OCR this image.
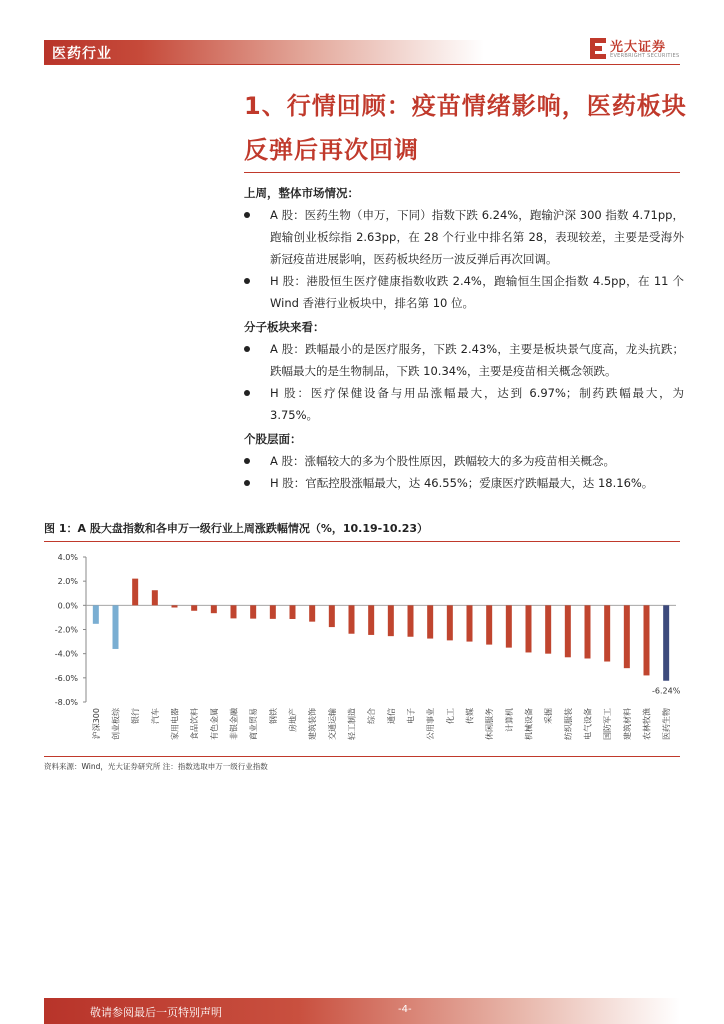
医药行业	光大证券
EVERBRIGHT SECURITIES
1、行情回顾：疫苗情绪影响，医药板块反弹后再次回调
上周，整体市场情况：
A 股：医药生物（申万，下同）指数下跌 6.24%，跑输沪深 300 指数 4.71pp，跑输创业板综指 2.63pp，在 28 个行业中排名第 28，表现较差，主要是受海外新冠疫苗进展影响，医药板块经历一波反弹后再次回调。
H 股：港股恒生医疗健康指数收跌 2.4%，跑输恒生国企指数 4.5pp，在 11 个 Wind 香港行业板块中，排名第 10 位。
分子板块来看：
A 股：跌幅最小的是医疗服务，下跌 2.43%，主要是板块景气度高，龙头抗跌；跌幅最大的是生物制品，下跌 10.34%，主要是疫苗相关概念领跌。
H 股：医疗保健设备与用品涨幅最大，达到 6.97%；制药跌幅最大，为 3.75%。
个股层面：
A 股：涨幅较大的多为个股性原因，跌幅较大的多为疫苗相关概念。
H 股：官酝控股涨幅最大，达 46.55%；爱康医疗跌幅最大，达 18.16%。
图 1：A 股大盘指数和各申万一级行业上周涨跌幅情况（%，10.19-10.23）
4.0%
2.0%
0.0%
-2.0%
-4.0%
-6.0%
-8.0%
沪深300 创业板综 银行 汽车 家用电器 食品饮料 有色金属 非银金融 商业贸易 钢铁 房地产 建筑装饰 交通运输 轻工制造 综合 通信 电子 公用事业 化工 传媒 休闲服务 计算机 机械设备 采掘 纺织服装 电气设备 国防军工 建筑材料 农林牧渔 医药生物
-6.24%
资料来源：Wind，光大证券研究所 注：指数选取申万一级行业指数
敬请参阅最后一页特别声明	-4-
